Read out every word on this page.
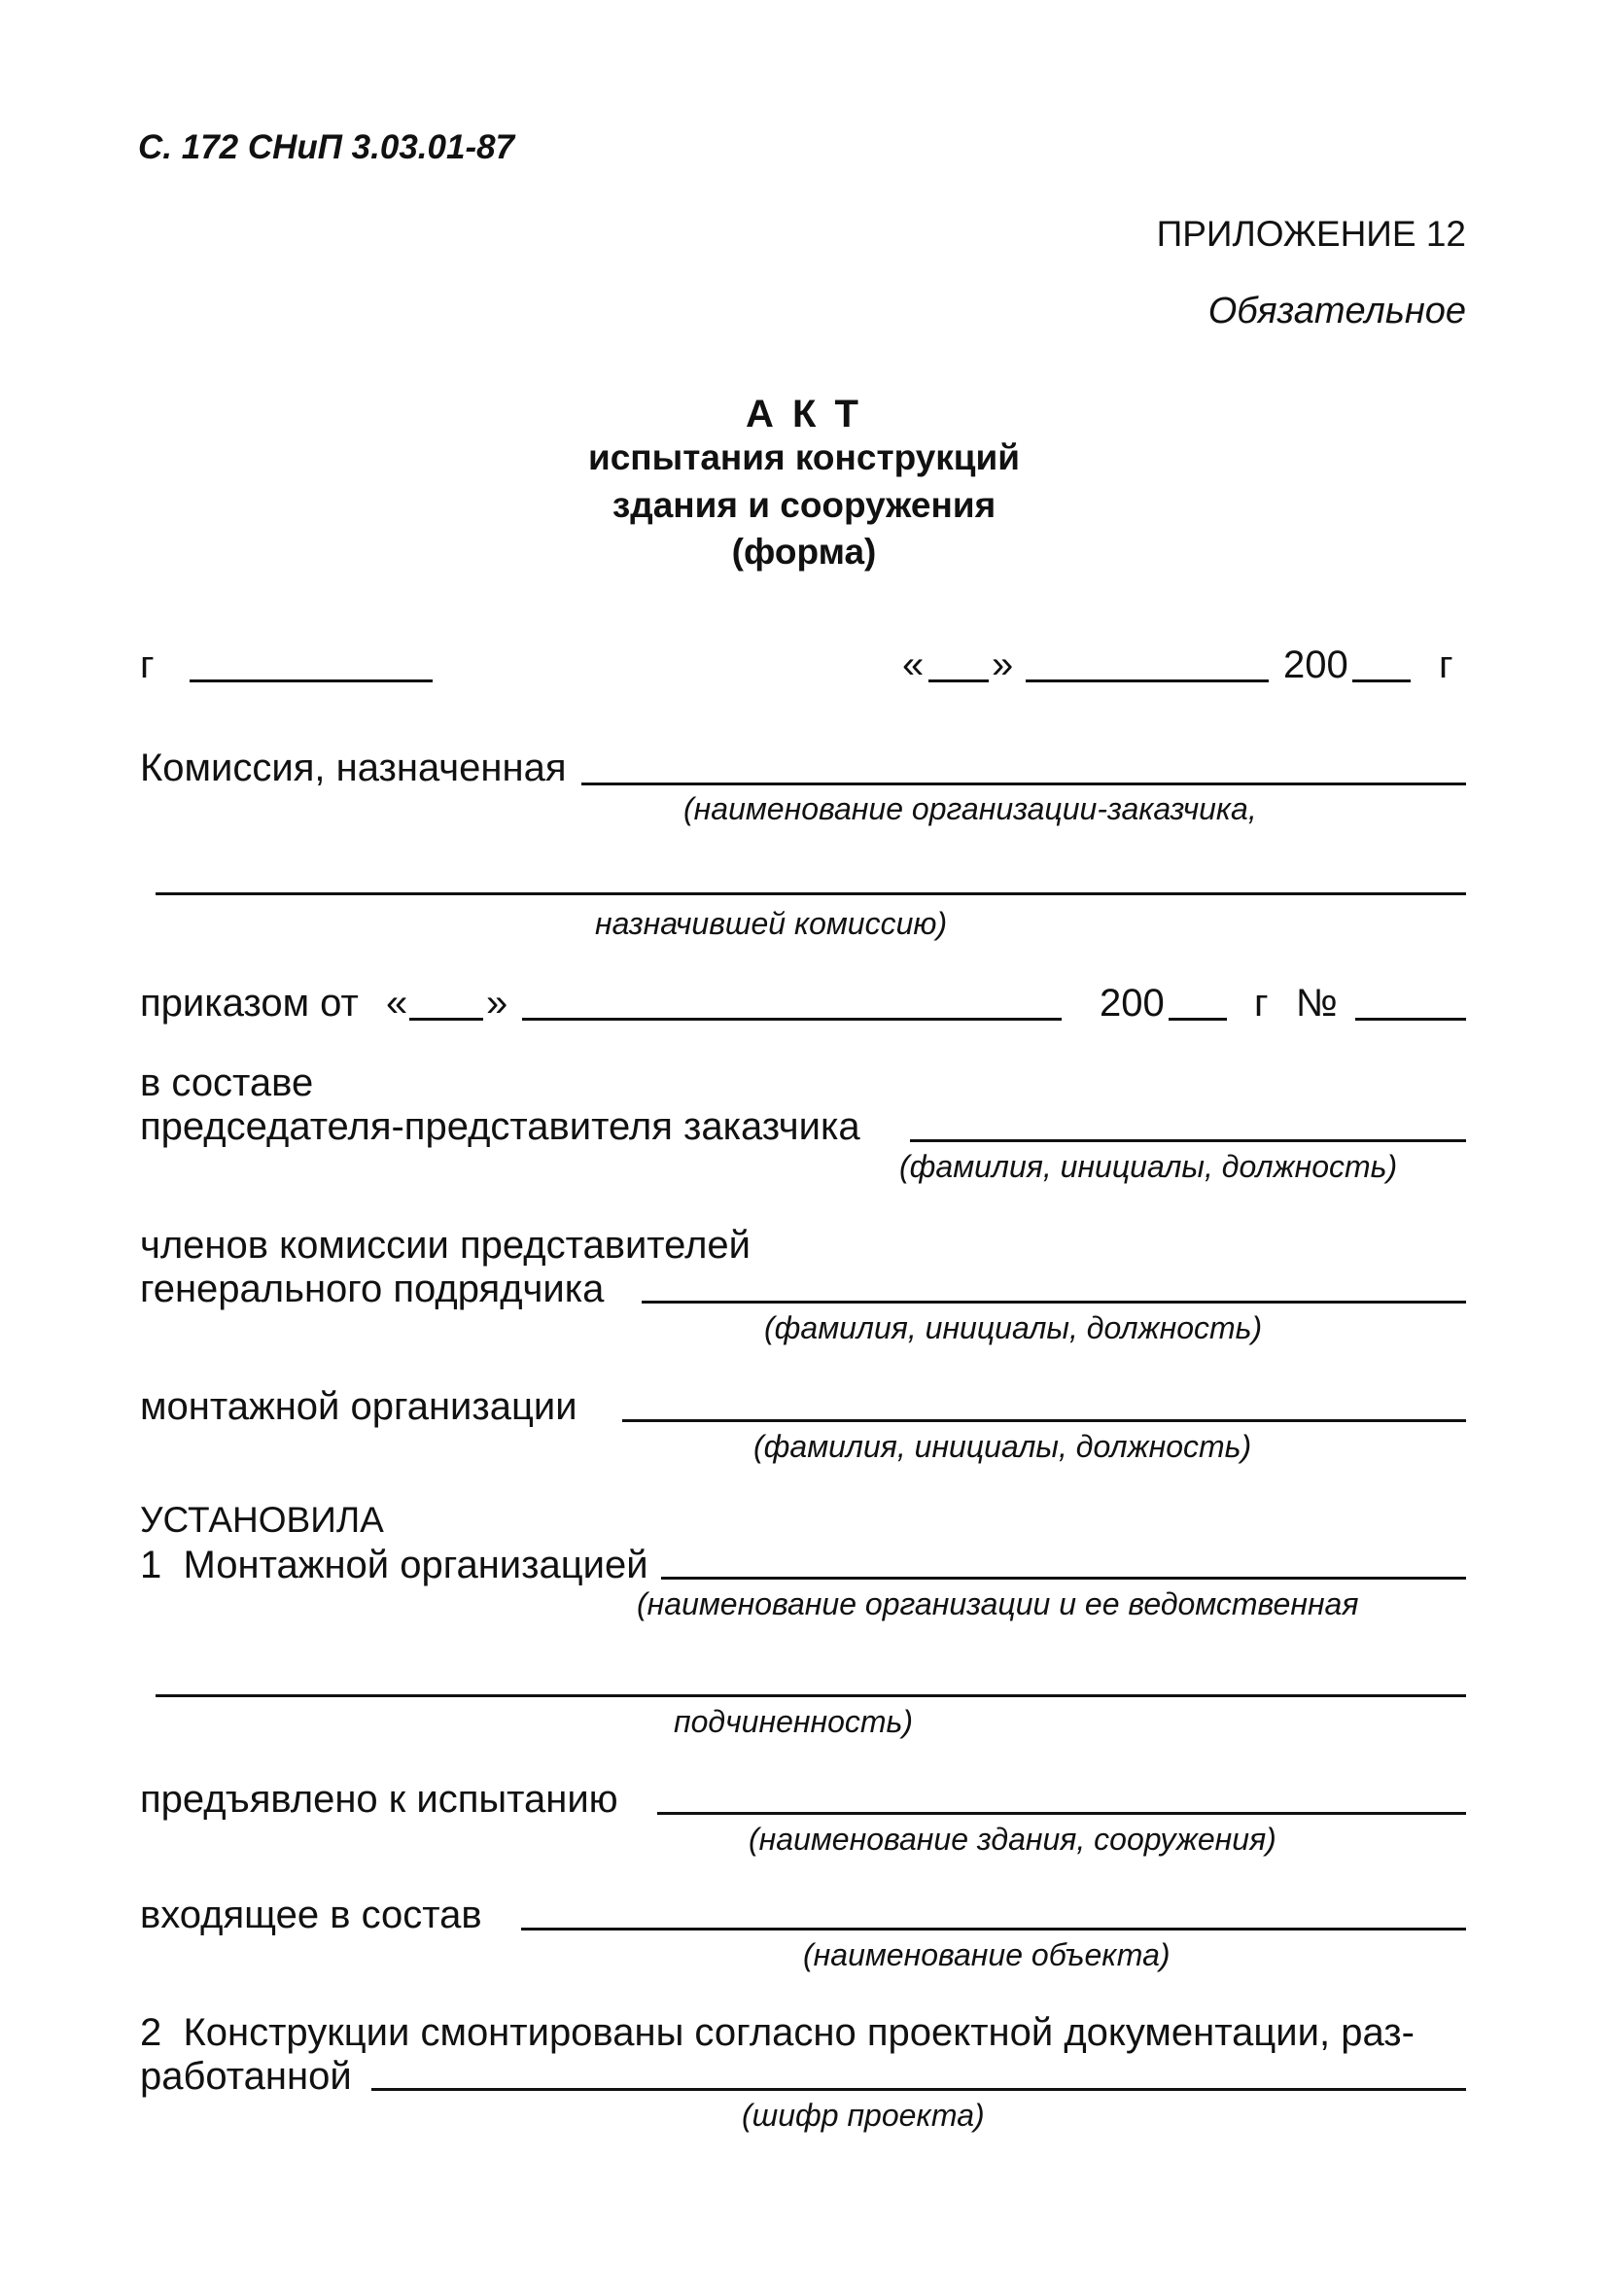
С. 172 СНиП 3.03.01-87
ПРИЛОЖЕНИЕ 12
Обязательное
А К Т
испытания конструкций
здания и сооружения
(форма)
г	« »	200 г
Комиссия, назначенная
(наименование организации-заказчика,
назначившей комиссию)
приказом от « »	200 г №
в составе
председателя-представителя заказчика
(фамилия, инициалы, должность)
членов комиссии представителей
генерального подрядчика
(фамилия, инициалы, должность)
монтажной организации
(фамилия, инициалы, должность)
УСТАНОВИЛА
1  Монтажной организацией
(наименование организации и ее ведомственная
подчиненность)
предъявлено к испытанию
(наименование здания, сооружения)
входящее в состав
(наименование объекта)
2  Конструкции смонтированы согласно проектной документации, раз-
работанной
(шифр проекта)
